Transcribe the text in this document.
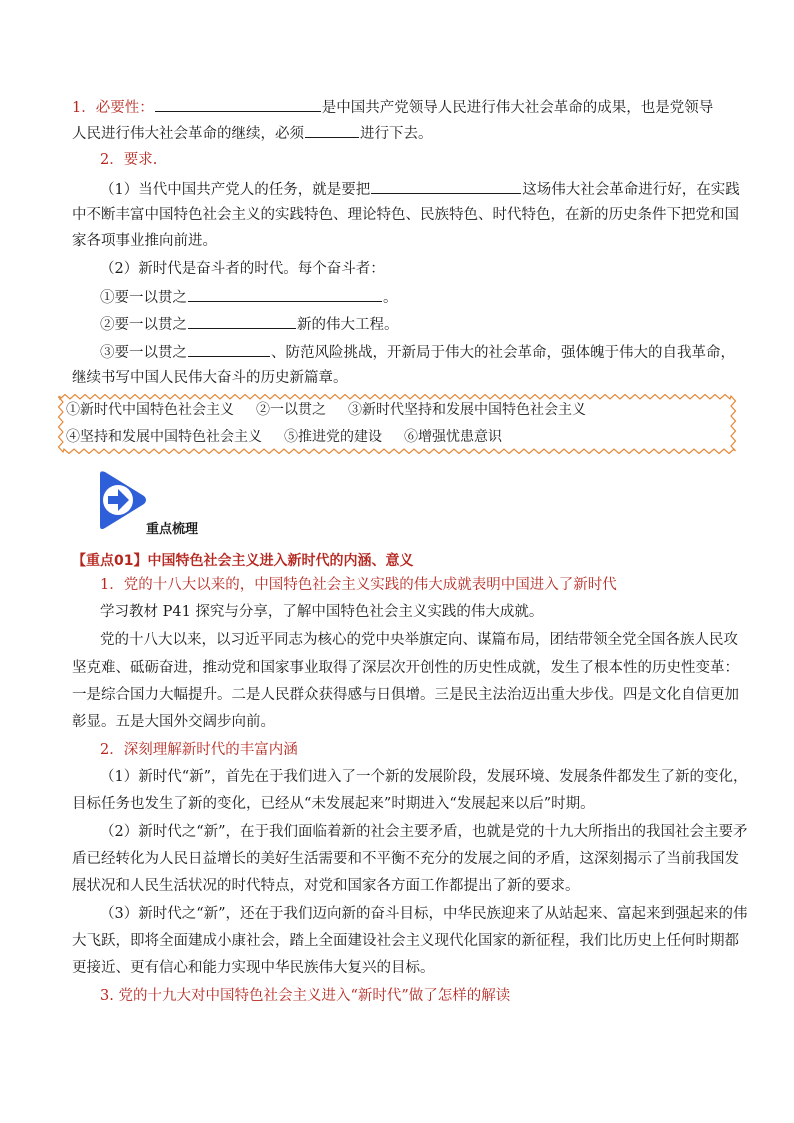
1．必要性：	是中国共产党领导人民进行伟大社会革命的成果，也是党领导
人民进行伟大社会革命的继续，必须	进行下去。
2．要求.
（1）当代中国共产党人的任务，就是要把	这场伟大社会革命进行好，在实践
中不断丰富中国特色社会主义的实践特色、理论特色、民族特色、时代特色，在新的历史条件下把党和国
家各项事业推向前进。
（2）新时代是奋斗者的时代。每个奋斗者：
①要一以贯之	。
②要一以贯之	新的伟大工程。
③要一以贯之	、防范风险挑战，开新局于伟大的社会革命，强体魄于伟大的自我革命，
继续书写中国人民伟大奋斗的历史新篇章。
①新时代中国特色社会主义 ②一以贯之 ③新时代坚持和发展中国特色社会主义
④坚持和发展中国特色社会主义 ⑤推进党的建设 ⑥增强忧患意识
重点梳理
【重点01】中国特色社会主义进入新时代的内涵、意义
1．党的十八大以来的，中国特色社会主义实践的伟大成就表明中国进入了新时代
学习教材 P41 探究与分享，了解中国特色社会主义实践的伟大成就。
党的十八大以来，以习近平同志为核心的党中央举旗定向、谋篇布局，团结带领全党全国各族人民攻
坚克难、砥砺奋进，推动党和国家事业取得了深层次开创性的历史性成就，发生了根本性的历史性变革：
一是综合国力大幅提升。二是人民群众获得感与日俱增。三是民主法治迈出重大步伐。四是文化自信更加
彰显。五是大国外交阔步向前。
2．深刻理解新时代的丰富内涵
（1）新时代“新”，首先在于我们进入了一个新的发展阶段，发展环境、发展条件都发生了新的变化，
目标任务也发生了新的变化，已经从“未发展起来”时期进入“发展起来以后”时期。
（2）新时代之“新”，在于我们面临着新的社会主要矛盾，也就是党的十九大所指出的我国社会主要矛
盾已经转化为人民日益增长的美好生活需要和不平衡不充分的发展之间的矛盾，这深刻揭示了当前我国发
展状况和人民生活状况的时代特点，对党和国家各方面工作都提出了新的要求。
（3）新时代之“新”，还在于我们迈向新的奋斗目标，中华民族迎来了从站起来、富起来到强起来的伟
大飞跃，即将全面建成小康社会，踏上全面建设社会主义现代化国家的新征程，我们比历史上任何时期都
更接近、更有信心和能力实现中华民族伟大复兴的目标。
3. 党的十九大对中国特色社会主义进入“新时代”做了怎样的解读
